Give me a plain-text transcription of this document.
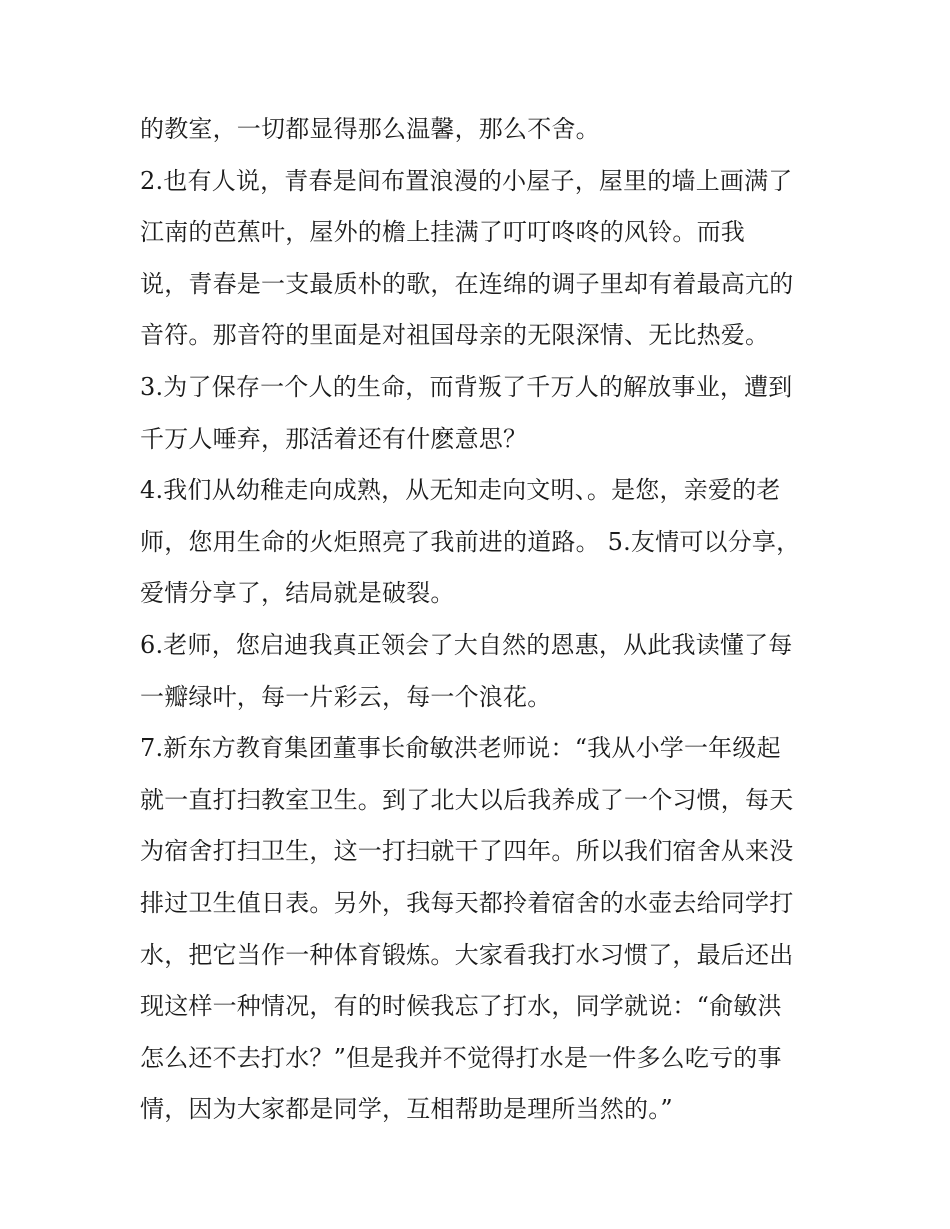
的教室，一切都显得那么温馨，那么不舍。
2.也有人说，青春是间布置浪漫的小屋子，屋里的墙上画满了
江南的芭蕉叶，屋外的檐上挂满了叮叮咚咚的风铃。而我
说，青春是一支最质朴的歌，在连绵的调子里却有着最高亢的
音符。那音符的里面是对祖国母亲的无限深情、无比热爱。
3.为了保存一个人的生命，而背叛了千万人的解放事业，遭到
千万人唾弃，那活着还有什麽意思？
4.我们从幼稚走向成熟，从无知走向文明、。是您，亲爱的老
师，您用生命的火炬照亮了我前进的道路。 5.友情可以分享，
爱情分享了，结局就是破裂。
6.老师，您启迪我真正领会了大自然的恩惠，从此我读懂了每
一瓣绿叶，每一片彩云，每一个浪花。
7.新东方教育集团董事长俞敏洪老师说：“我从小学一年级起
就一直打扫教室卫生。到了北大以后我养成了一个习惯，每天
为宿舍打扫卫生，这一打扫就干了四年。所以我们宿舍从来没
排过卫生值日表。另外，我每天都拎着宿舍的水壶去给同学打
水，把它当作一种体育锻炼。大家看我打水习惯了，最后还出
现这样一种情况，有的时候我忘了打水，同学就说：“俞敏洪
怎么还不去打水？”但是我并不觉得打水是一件多么吃亏的事
情，因为大家都是同学，互相帮助是理所当然的。”
